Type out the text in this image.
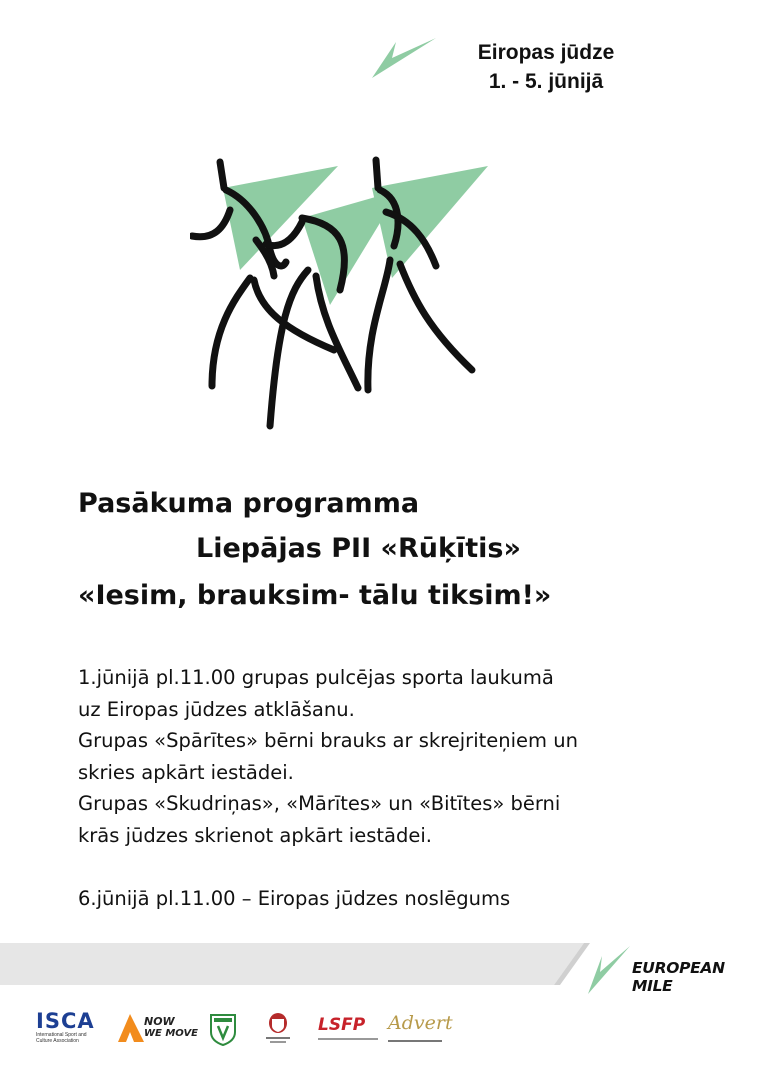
Eiropas jūdze
1. - 5. jūnijā
Pasākuma programma
Liepājas PII «Rūķītis»
«Iesim, brauksim- tālu tiksim!»

1.jūnijā pl.11.00 grupas pulcējas sporta laukumā

uz Eiropas jūdzes atklāšanu.

Grupas «Spārītes» bērni brauks ar skrejriteņiem un

skries apkārt iestādei.

Grupas «Skudriņas», «Mārītes» un «Bitītes» bērni

krās jūdzes skrienot apkārt iestādei.

6.jūnijā pl.11.00 – Eiropas jūdzes noslēgums

EUROPEAN MILE
ISCA
International Sport and
Culture Association
NOW
WE MOVE	LSFP	Advert
